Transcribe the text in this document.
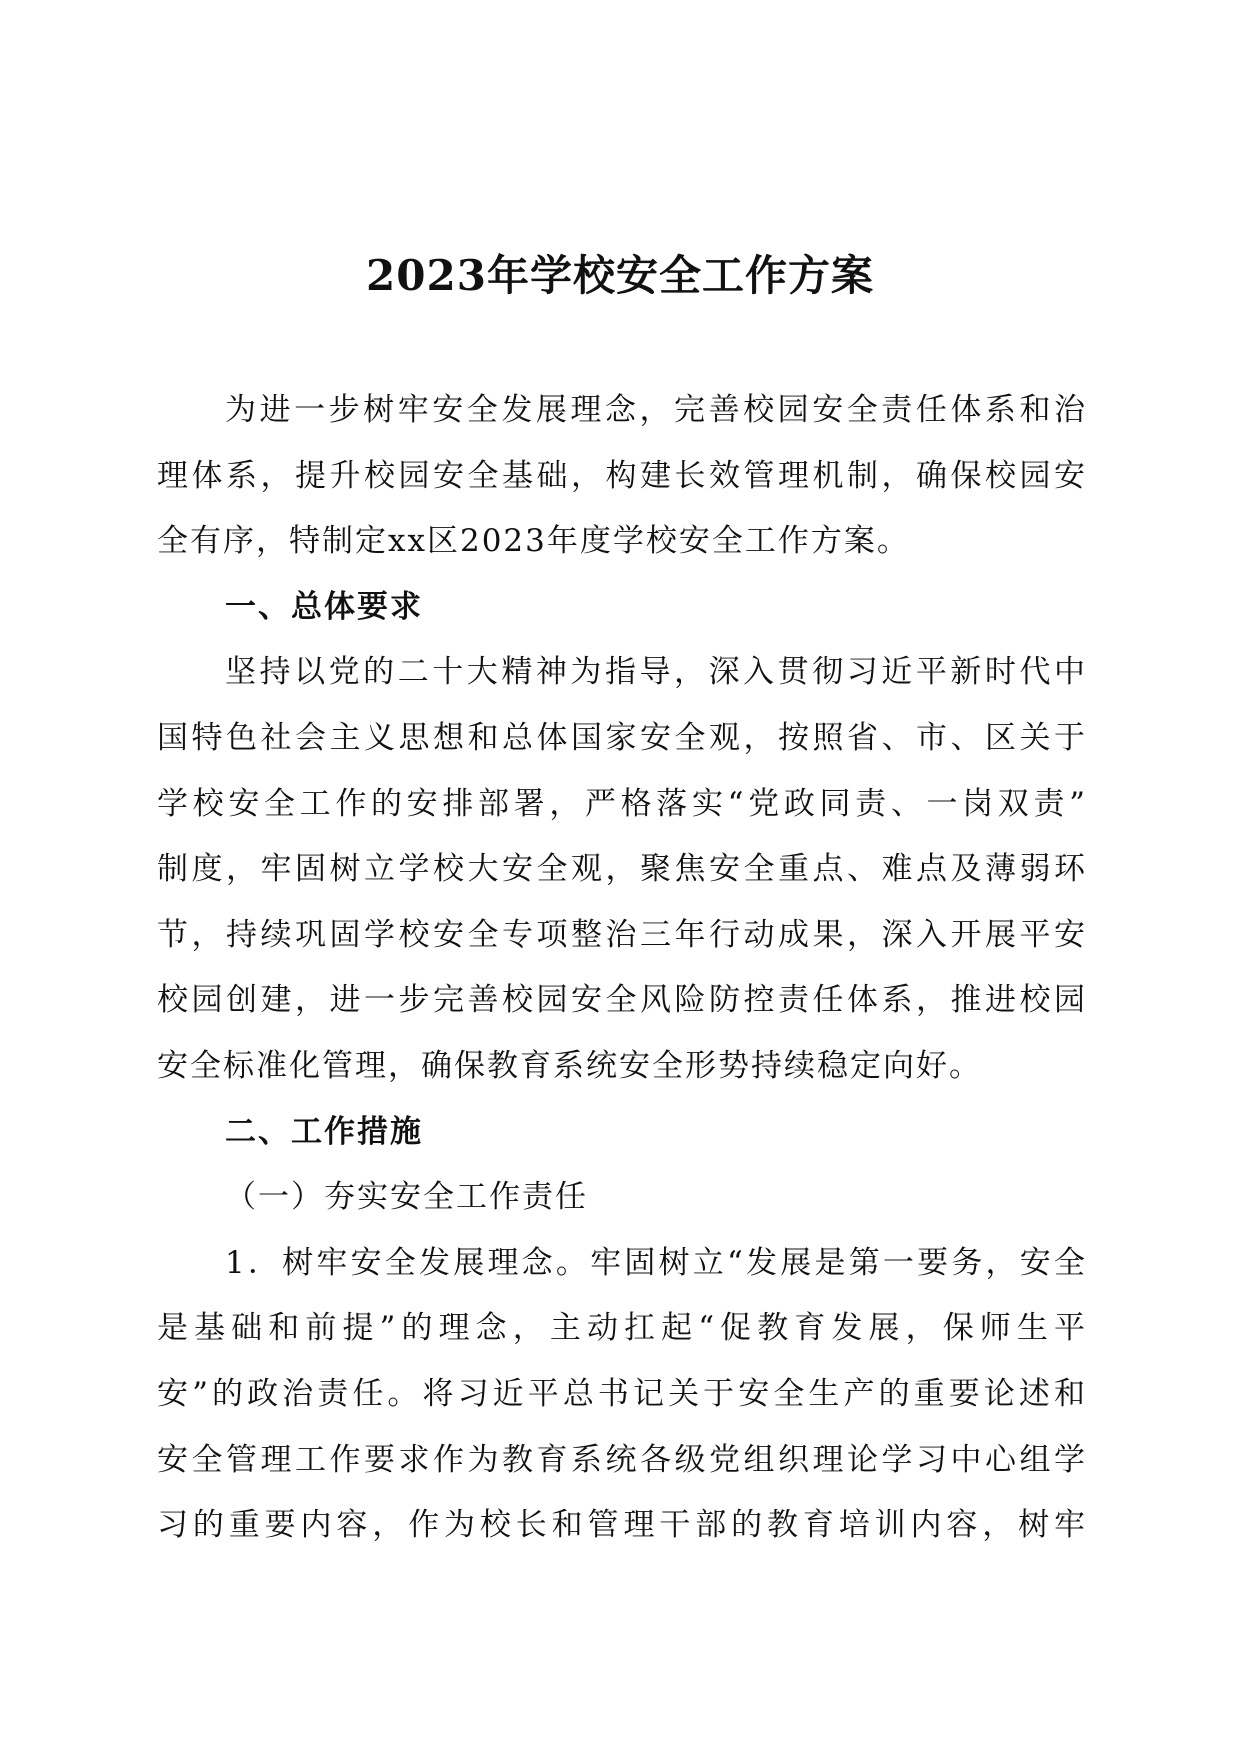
2023年学校安全工作方案
为进一步树牢安全发展理念，完善校园安全责任体系和治
理体系，提升校园安全基础，构建长效管理机制，确保校园安
全有序，特制定xx区2023年度学校安全工作方案。
一、总体要求
坚持以党的二十大精神为指导，深入贯彻习近平新时代中
国特色社会主义思想和总体国家安全观，按照省、市、区关于
学校安全工作的安排部署，严格落实“党政同责、一岗双责”
制度，牢固树立学校大安全观，聚焦安全重点、难点及薄弱环
节，持续巩固学校安全专项整治三年行动成果，深入开展平安
校园创建，进一步完善校园安全风险防控责任体系，推进校园
安全标准化管理，确保教育系统安全形势持续稳定向好。
二、工作措施
（一）夯实安全工作责任
1．树牢安全发展理念。牢固树立“发展是第一要务，安全
是基础和前提”的理念，主动扛起“促教育发展，保师生平
安”的政治责任。将习近平总书记关于安全生产的重要论述和
安全管理工作要求作为教育系统各级党组织理论学习中心组学
习的重要内容，作为校长和管理干部的教育培训内容，树牢
